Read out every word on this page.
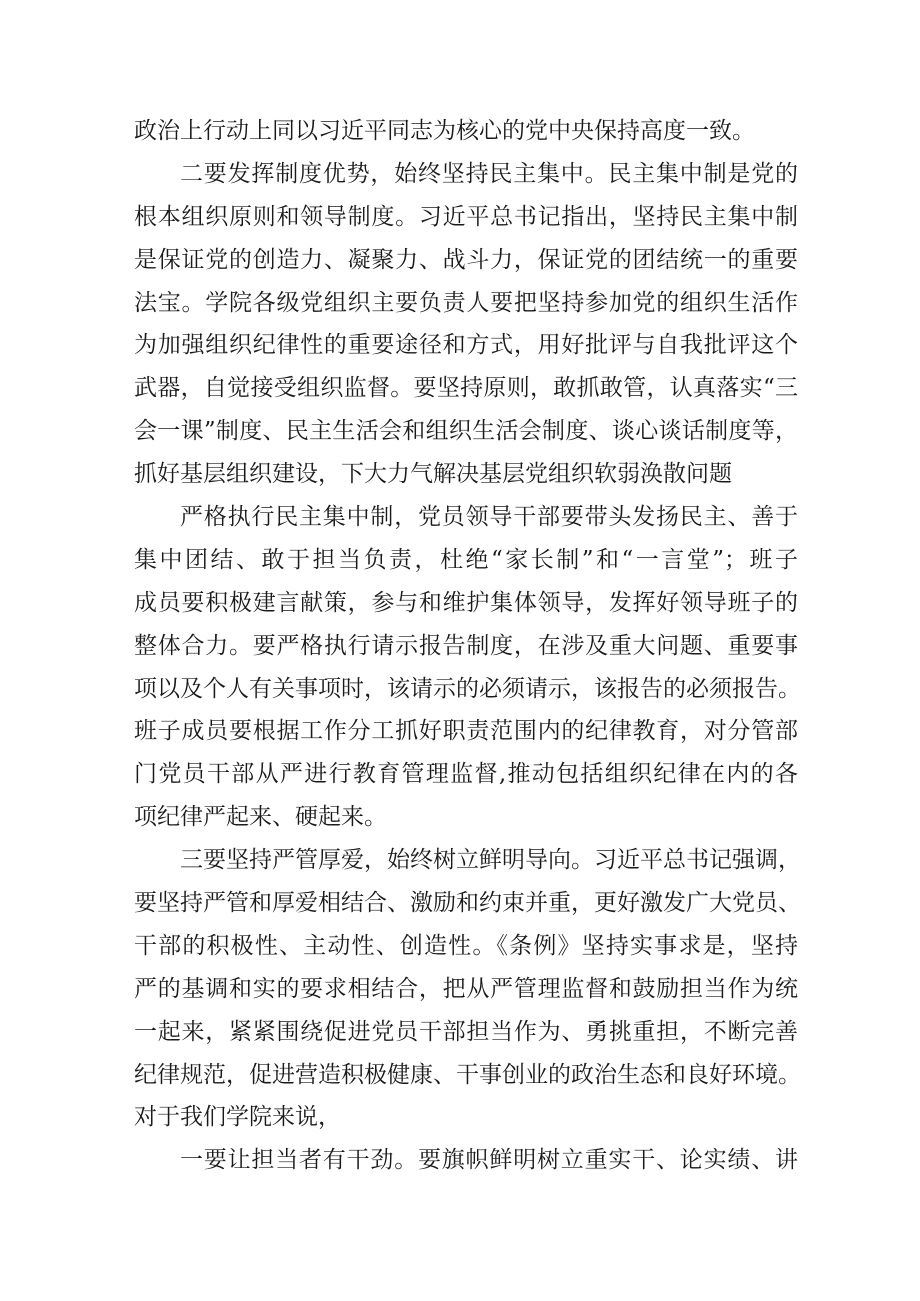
政治上行动上同以习近平同志为核心的党中央保持高度一致。
二要发挥制度优势，始终坚持民主集中。民主集中制是党的
根本组织原则和领导制度。习近平总书记指出，坚持民主集中制
是保证党的创造力、凝聚力、战斗力，保证党的团结统一的重要
法宝。学院各级党组织主要负责人要把坚持参加党的组织生活作
为加强组织纪律性的重要途径和方式，用好批评与自我批评这个
武器，自觉接受组织监督。要坚持原则，敢抓敢管，认真落实“三
会一课”制度、民主生活会和组织生活会制度、谈心谈话制度等，
抓好基层组织建设，下大力气解决基层党组织软弱涣散问题
严格执行民主集中制，党员领导干部要带头发扬民主、善于
集中团结、敢于担当负责，杜绝“家长制”和“一言堂”；班子
成员要积极建言献策，参与和维护集体领导，发挥好领导班子的
整体合力。要严格执行请示报告制度，在涉及重大问题、重要事
项以及个人有关事项时，该请示的必须请示，该报告的必须报告。
班子成员要根据工作分工抓好职责范围内的纪律教育，对分管部
门党员干部从严进行教育管理监督,推动包括组织纪律在内的各
项纪律严起来、硬起来。
三要坚持严管厚爱，始终树立鲜明导向。习近平总书记强调，
要坚持严管和厚爱相结合、激励和约束并重，更好激发广大党员、
干部的积极性、主动性、创造性。《条例》坚持实事求是，坚持
严的基调和实的要求相结合，把从严管理监督和鼓励担当作为统
一起来，紧紧围绕促进党员干部担当作为、勇挑重担，不断完善
纪律规范，促进营造积极健康、干事创业的政治生态和良好环境。
对于我们学院来说，
一要让担当者有干劲。要旗帜鲜明树立重实干、论实绩、讲
